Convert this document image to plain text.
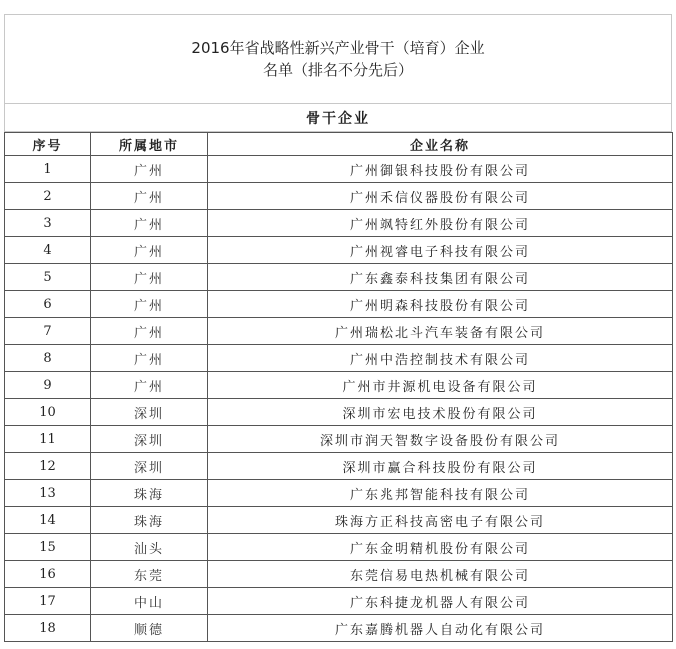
2016年省战略性新兴产业骨干（培育）企业
名单（排名不分先后）
骨干企业
序号	所属地市	企业名称
1	广州	广州御银科技股份有限公司
2	广州	广州禾信仪器股份有限公司
3	广州	广州飒特红外股份有限公司
4	广州	广州视睿电子科技有限公司
5	广州	广东鑫泰科技集团有限公司
6	广州	广州明森科技股份有限公司
7	广州	广州瑞松北斗汽车装备有限公司
8	广州	广州中浩控制技术有限公司
9	广州	广州市井源机电设备有限公司
10	深圳	深圳市宏电技术股份有限公司
11	深圳	深圳市润天智数字设备股份有限公司
12	深圳	深圳市赢合科技股份有限公司
13	珠海	广东兆邦智能科技有限公司
14	珠海	珠海方正科技高密电子有限公司
15	汕头	广东金明精机股份有限公司
16	东莞	东莞信易电热机械有限公司
17	中山	广东科捷龙机器人有限公司
18	顺德	广东嘉腾机器人自动化有限公司
